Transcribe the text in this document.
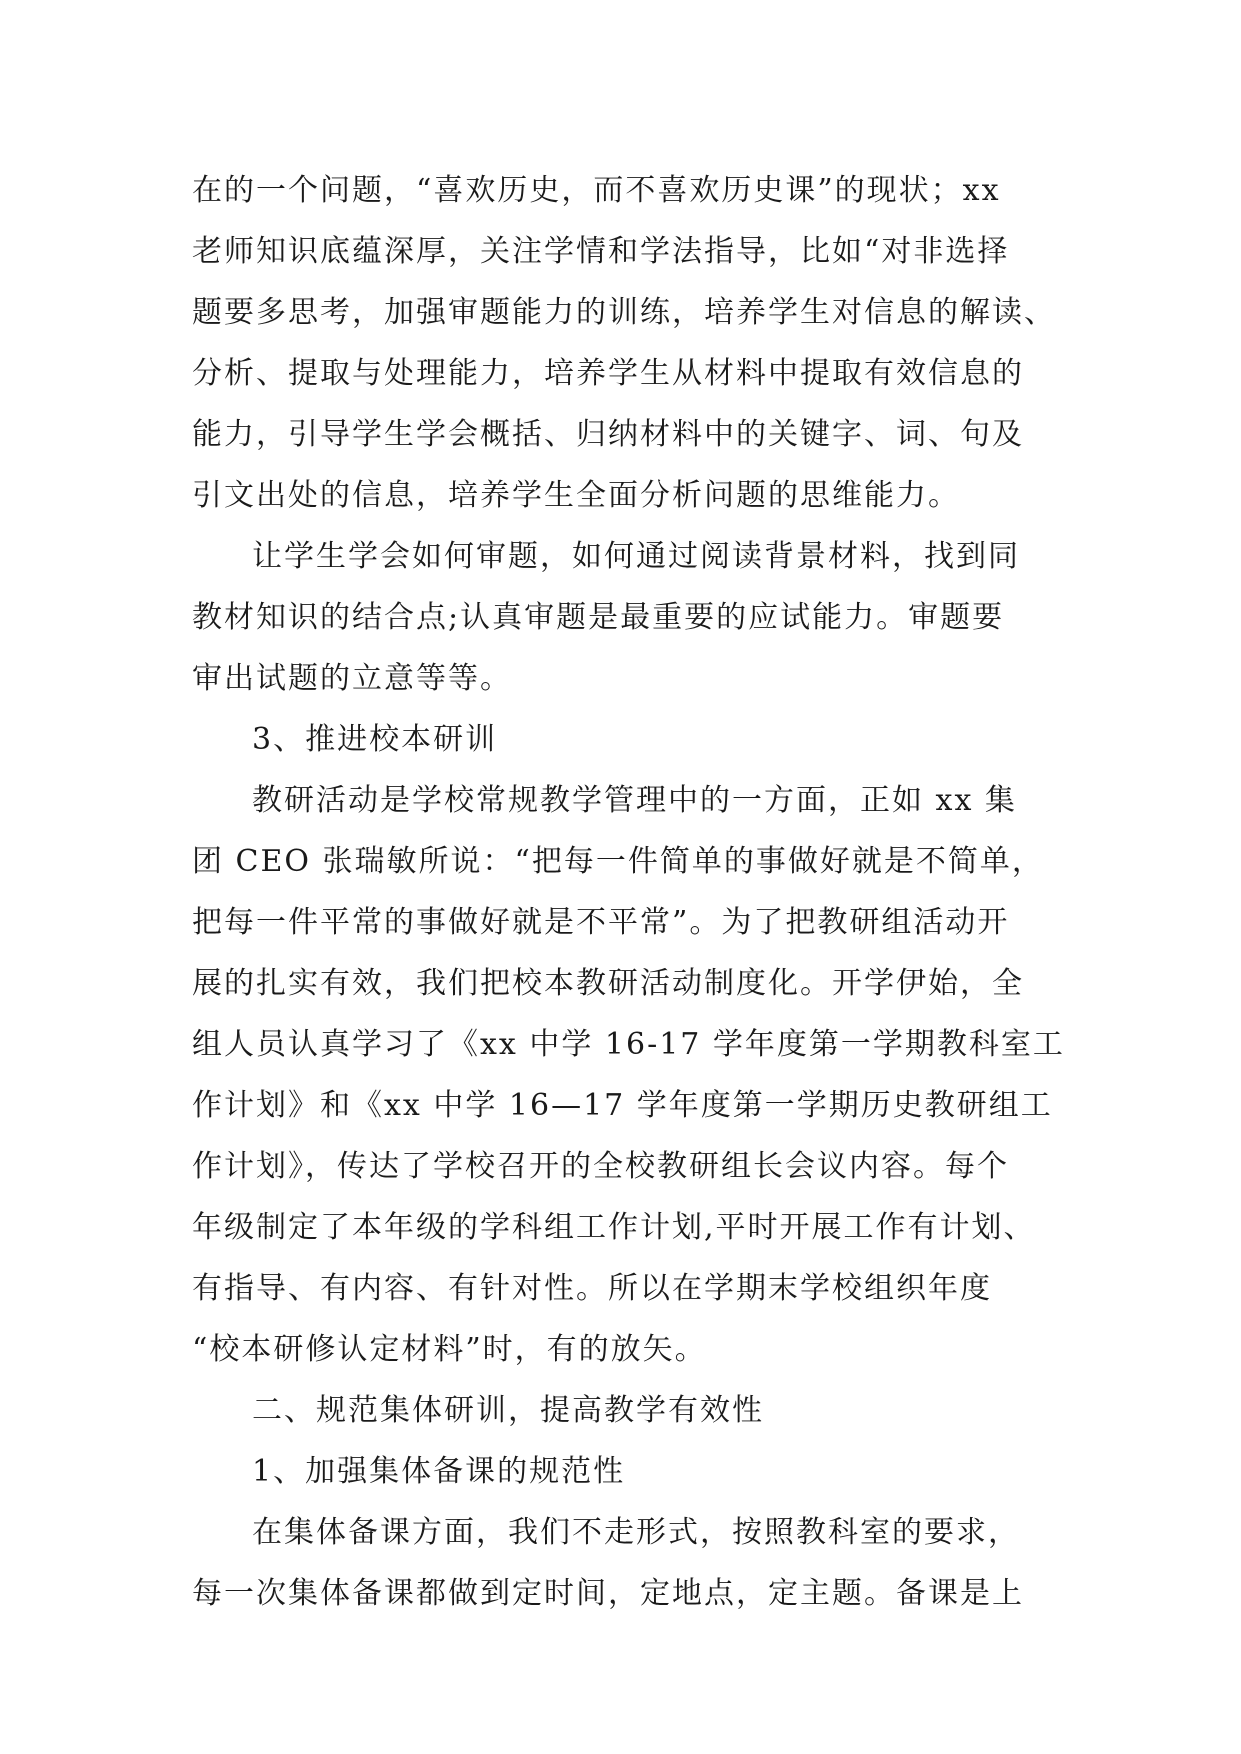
在的一个问题，“喜欢历史，而不喜欢历史课”的现状；xx
老师知识底蕴深厚，关注学情和学法指导，比如“对非选择
题要多思考，加强审题能力的训练，培养学生对信息的解读、
分析、提取与处理能力，培养学生从材料中提取有效信息的
能力，引导学生学会概括、归纳材料中的关键字、词、句及
引文出处的信息，培养学生全面分析问题的思维能力。
让学生学会如何审题，如何通过阅读背景材料，找到同
教材知识的结合点;认真审题是最重要的应试能力。审题要
审出试题的立意等等。
3、推进校本研训
教研活动是学校常规教学管理中的一方面，正如 xx 集
团 CEO 张瑞敏所说：“把每一件简单的事做好就是不简单，
把每一件平常的事做好就是不平常”。为了把教研组活动开
展的扎实有效，我们把校本教研活动制度化。开学伊始，全
组人员认真学习了《xx 中学 16-17 学年度第一学期教科室工
作计划》和《xx 中学 16—17 学年度第一学期历史教研组工
作计划》，传达了学校召开的全校教研组长会议内容。每个
年级制定了本年级的学科组工作计划,平时开展工作有计划、
有指导、有内容、有针对性。所以在学期末学校组织年度
“校本研修认定材料”时，有的放矢。
二、规范集体研训，提高教学有效性
1、加强集体备课的规范性
在集体备课方面，我们不走形式，按照教科室的要求，
每一次集体备课都做到定时间，定地点，定主题。备课是上
